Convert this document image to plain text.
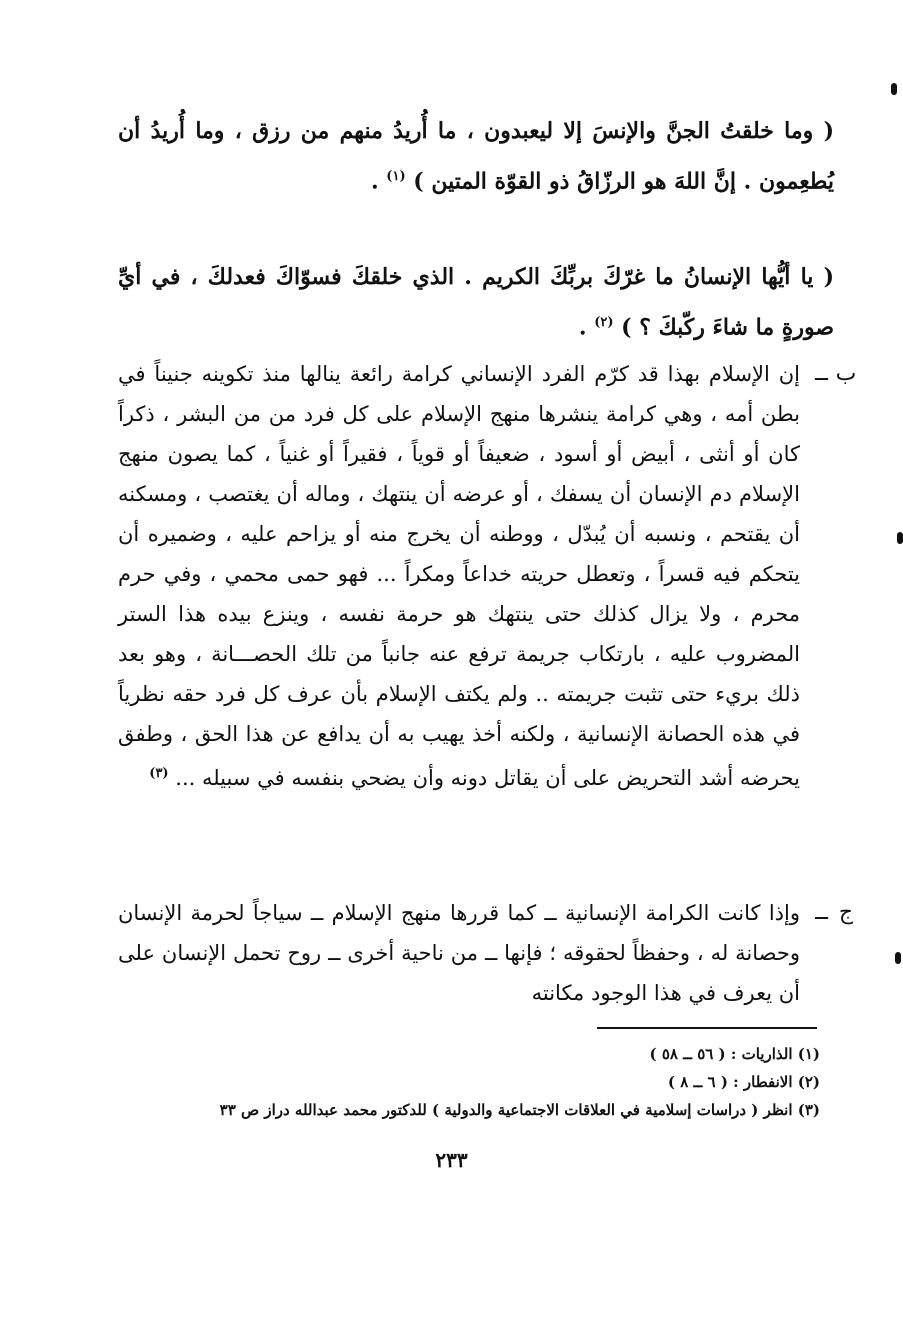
( وما خلقتُ الجنَّ والإنسَ إلا ليعبدون ، ما أُريدُ منهم من رزق ، وما أُريدُ أن يُطعِمون . إنَّ اللهَ هو الرزّاقُ ذو القوّة المتين ) $^{(١)}$ .

( يا أيُّها الإنسانُ ما غرّكَ بربِّكَ الكريم . الذي خلقكَ فسوّاكَ فعدلكَ ، في أيِّ صورةٍ ما شاءَ ركّبكَ ؟ ) $^{(٢)}$ .

ب
ــ

إن الإسلام بهذا قد كرّم الفرد الإنساني كرامة رائعة ينالها منذ تكوينه جنيناً في بطن أمه ، وهي كرامة ينشرها منهج الإسلام على كل فرد من من البشر ، ذكراً كان أو أنثى ، أبيض أو أسود ، ضعيفاً أو قوياً ، فقيراً أو غنياً ، كما يصون منهج الإسلام دم الإنسان أن يسفك ، أو عرضه أن ينتهك ، وماله أن يغتصب ، ومسكنه أن يقتحم ، ونسبه أن يُبدّل ، ووطنه أن يخرج منه أو يزاحم عليه ، وضميره أن يتحكم فيه قسراً ، وتعطل حريته خداعاً ومكراً ... فهو حمى محمي ، وفي حرم محرم ، ولا يزال كذلك حتى ينتهك هو حرمة نفسه ، وينزع بيده هذا الستر المضروب عليه ، بارتكاب جريمة ترفع عنه جانباً من تلك الحصـــانة ، وهو بعد ذلك بريء حتى تثبت جريمته .. ولم يكتف الإسلام بأن عرف كل فرد حقه نظرياً في هذه الحصانة الإنسانية ، ولكنه أخذ يهيب به أن يدافع عن هذا الحق ، وطفق يحرضه أشد التحريض على أن يقاتل دونه وأن يضحي بنفسه في سبيله ... $^{(٣)}$

ج
ــ

وإذا كانت الكرامة الإنسانية ــ كما قررها منهج الإسلام ــ سياجاً لحرمة الإنسان وحصانة له ، وحفظاً لحقوقه ؛ فإنها ــ من ناحية أخرى ــ روح تحمل الإنسان على أن يعرف في هذا الوجود مكانته

(١) الذاريات : ( ٥٦ ــ ٥٨ )
(٢) الانفطار : ( ٦ ــ ٨ )
(٣) انظر ( دراسات إسلامية في العلاقات الاجتماعية والدولية ) للدكتور محمد عبدالله دراز ص ٣٣
٢٣٣
